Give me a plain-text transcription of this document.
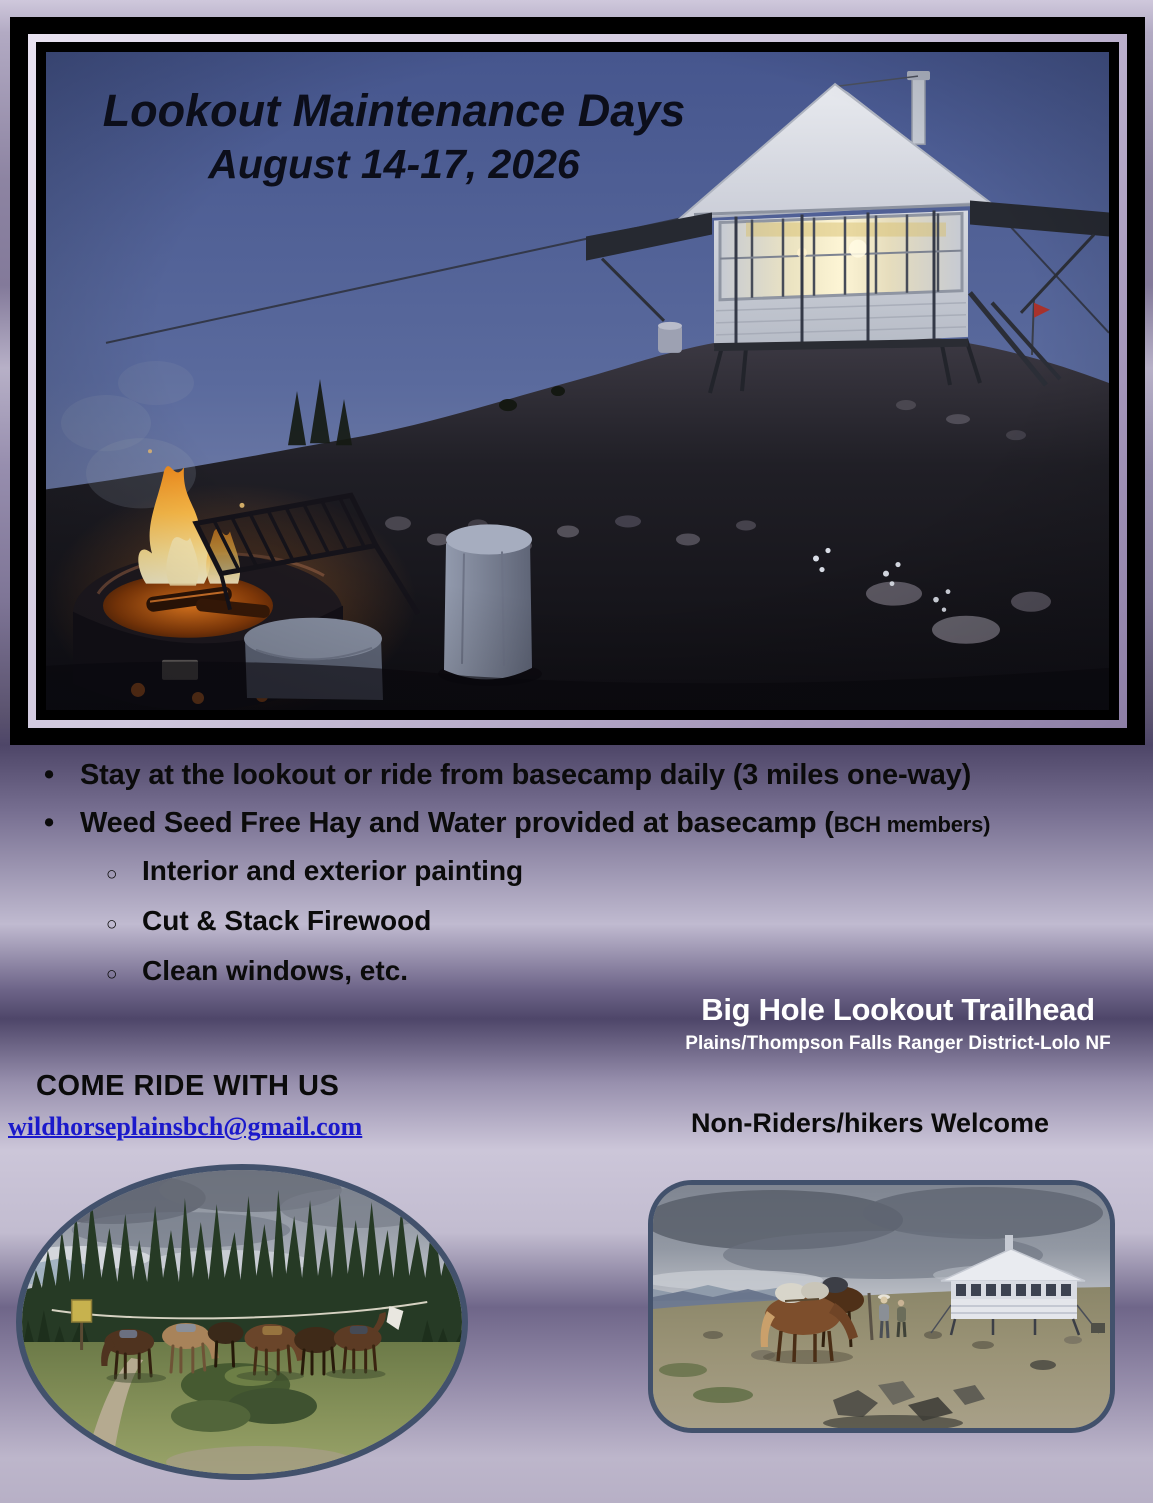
Lookout Maintenance Days
August 14-17, 2026
• Stay at the lookout or ride from basecamp daily (3 miles one-way)
• Weed Seed Free Hay and Water provided at basecamp (BCH members)
○ Interior and exterior painting
○ Cut & Stack Firewood
○ Clean windows, etc.
Big Hole Lookout Trailhead
Plains/Thompson Falls Ranger District-Lolo NF
COME RIDE WITH US
wildhorseplainsbch@gmail.com	Non-Riders/hikers Welcome
